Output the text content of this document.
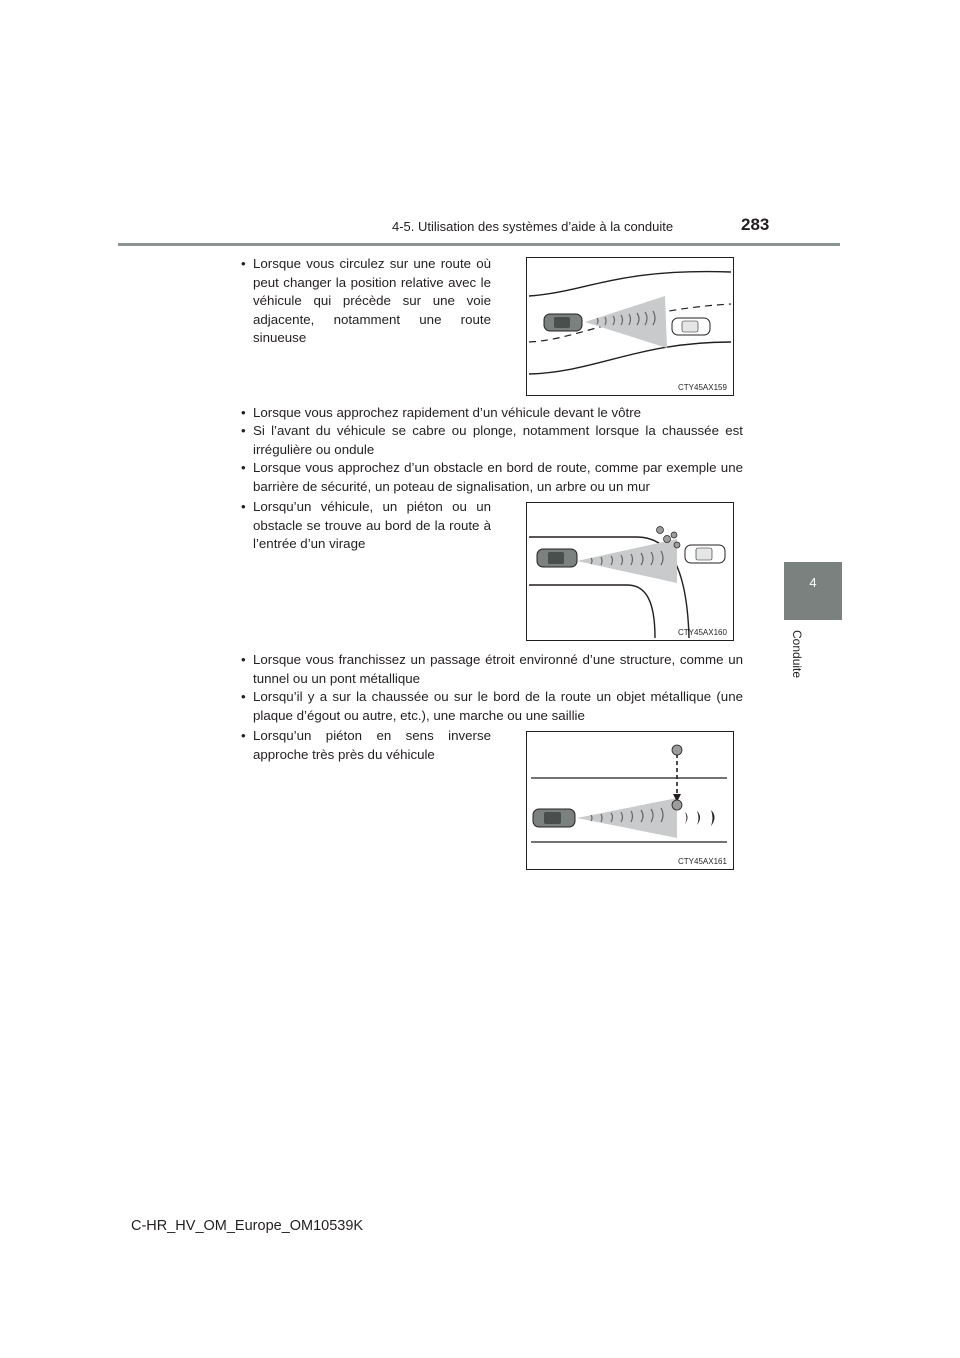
4-5. Utilisation des systèmes d’aide à la conduite	283
4
Conduite
• Lorsque vous circulez sur une route où peut changer la position relative avec le véhicule qui précède sur une voie adjacente, notamment une route sinueuse
CTY45AX159
• Lorsque vous approchez rapidement d’un véhicule devant le vôtre
• Si l’avant du véhicule se cabre ou plonge, notamment lorsque la chaussée est irrégulière ou ondule
• Lorsque vous approchez d’un obstacle en bord de route, comme par exemple une barrière de sécurité, un poteau de signalisation, un arbre ou un mur
• Lorsqu’un véhicule, un piéton ou un obstacle se trouve au bord de la route à l’entrée d’un virage
CTY45AX160
• Lorsque vous franchissez un passage étroit environné d’une structure, comme un tunnel ou un pont métallique
• Lorsqu’il y a sur la chaussée ou sur le bord de la route un objet métallique (une plaque d’égout ou autre, etc.), une marche ou une saillie
• Lorsqu’un piéton en sens inverse approche très près du véhicule
CTY45AX161
C-HR_HV_OM_Europe_OM10539K
